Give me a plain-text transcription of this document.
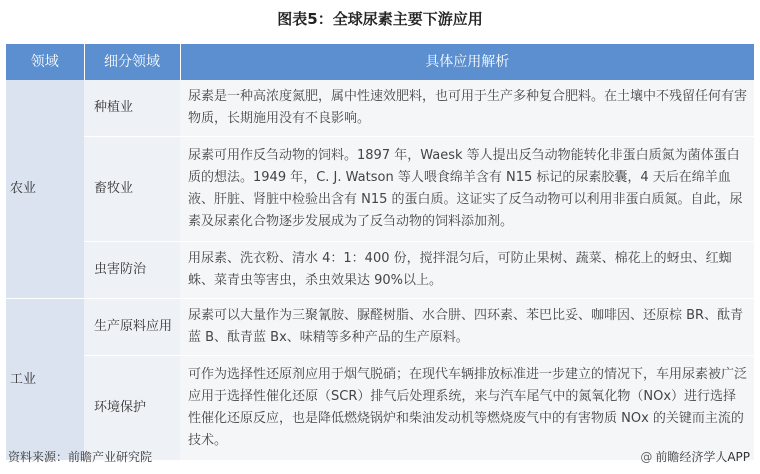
图表5：全球尿素主要下游应用
领域	细分领域	具体应用解析
农业	种植业	尿素是一种高浓度氮肥，属中性速效肥料，也可用于生产多种复合肥料。在土壤中不残留任何有害物质，长期施用没有不良影响。
	畜牧业	尿素可用作反刍动物的饲料。1897 年，Waesk 等人提出反刍动物能转化非蛋白质氮为菌体蛋白质的想法。1949 年，C. J. Watson 等人喂食绵羊含有 N15 标记的尿素胶囊，4 天后在绵羊血液、肝脏、肾脏中检验出含有 N15 的蛋白质。这证实了反刍动物可以利用非蛋白质氮。自此，尿素及尿素化合物逐步发展成为了反刍动物的饲料添加剂。
	虫害防治	用尿素、洗衣粉、清水 4：1：400 份，搅拌混匀后，可防止果树、蔬菜、棉花上的蚜虫、红蜘蛛、菜青虫等害虫，杀虫效果达 90%以上。
工业	生产原料应用	尿素可以大量作为三聚氰胺、脲醛树脂、水合肼、四环素、苯巴比妥、咖啡因、还原棕 BR、酞青蓝 B、酞青蓝 Bx、味精等多种产品的生产原料。
	环境保护	可作为选择性还原剂应用于烟气脱硝；在现代车辆排放标准进一步建立的情况下，车用尿素被广泛应用于选择性催化还原（SCR）排气后处理系统，来与汽车尾气中的氮氧化物（NOx）进行选择性催化还原反应，也是降低燃烧锅炉和柴油发动机等燃烧废气中的有害物质 NOx 的关键而主流的技术。
资料来源：前瞻产业研究院	@ 前瞻经济学人APP
